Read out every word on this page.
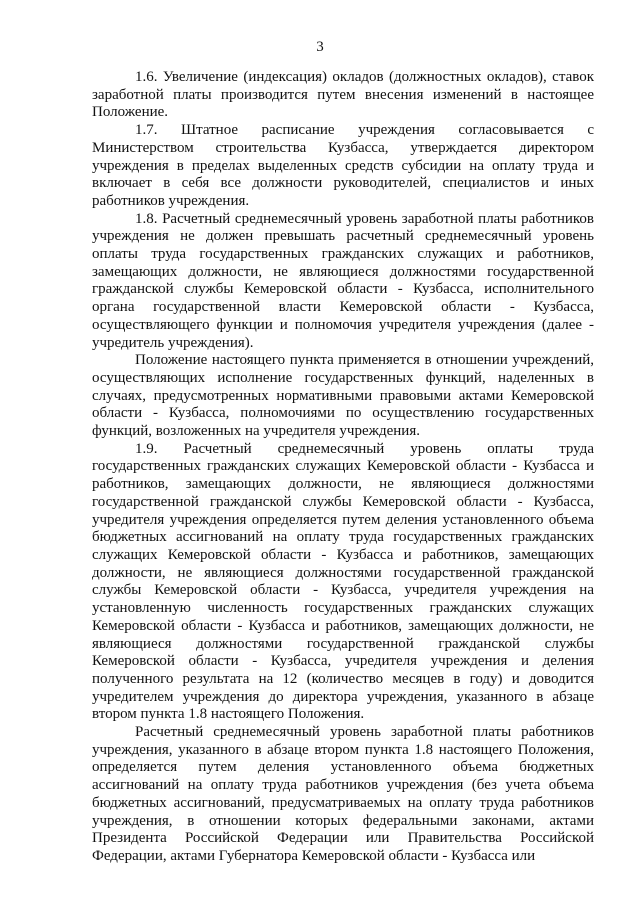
3

1.6. Увеличение (индексация) окладов (должностных окладов), ставок заработной платы производится путем внесения изменений в настоящее Положение.

1.7. Штатное расписание учреждения согласовывается с Министерством строительства Кузбасса, утверждается директором учреждения в пределах выделенных средств субсидии на оплату труда и включает в себя все должности руководителей, специалистов и иных работников учреждения.

1.8. Расчетный среднемесячный уровень заработной платы работников учреждения не должен превышать расчетный среднемесячный уровень оплаты труда государственных гражданских служащих и работников, замещающих должности, не являющиеся должностями государственной гражданской службы Кемеровской области - Кузбасса, исполнительного органа государственной власти Кемеровской области - Кузбасса, осуществляющего функции и полномочия учредителя учреждения (далее - учредитель учреждения).

Положение настоящего пункта применяется в отношении учреждений, осуществляющих исполнение государственных функций, наделенных в случаях, предусмотренных нормативными правовыми актами Кемеровской области - Кузбасса, полномочиями по осуществлению государственных функций, возложенных на учредителя учреждения.

1.9. Расчетный среднемесячный уровень оплаты труда государственных гражданских служащих Кемеровской области - Кузбасса и работников, замещающих должности, не являющиеся должностями государственной гражданской службы Кемеровской области - Кузбасса, учредителя учреждения определяется путем деления установленного объема бюджетных ассигнований на оплату труда государственных гражданских служащих Кемеровской области - Кузбасса и работников, замещающих должности, не являющиеся должностями государственной гражданской службы Кемеровской области - Кузбасса, учредителя учреждения на установленную численность государственных гражданских служащих Кемеровской области - Кузбасса и работников, замещающих должности, не являющиеся должностями государственной гражданской службы Кемеровской области - Кузбасса, учредителя учреждения и деления полученного результата на 12 (количество месяцев в году) и доводится учредителем учреждения до директора учреждения, указанного в абзаце втором пункта 1.8 настоящего Положения.

Расчетный среднемесячный уровень заработной платы работников учреждения, указанного в абзаце втором пункта 1.8 настоящего Положения, определяется путем деления установленного объема бюджетных ассигнований на оплату труда работников учреждения (без учета объема бюджетных ассигнований, предусматриваемых на оплату труда работников учреждения, в отношении которых федеральными законами, актами Президента Российской Федерации или Правительства Российской Федерации, актами Губернатора Кемеровской области - Кузбасса или
